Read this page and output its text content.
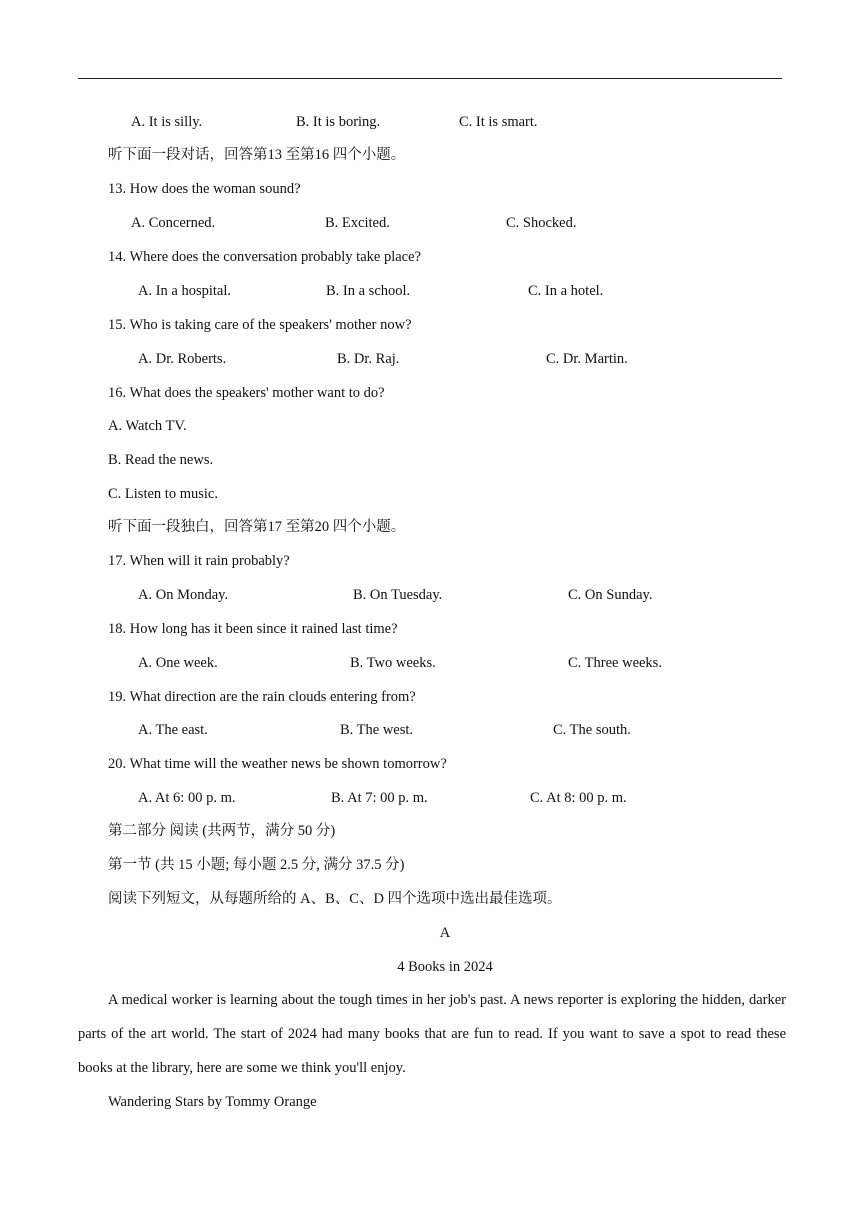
A. It is silly.	B. It is boring.	C. It is smart.
听下面一段对话，回答第13 至第16 四个小题。
13. How does the woman sound?
A. Concerned.	B. Excited.	C. Shocked.
14. Where does the conversation probably take place?
A. In a hospital.	B. In a school.	C. In a hotel.
15. Who is taking care of the speakers' mother now?
A. Dr. Roberts.	B. Dr. Raj.	C. Dr. Martin.
16. What does the speakers' mother want to do?
A. Watch TV.
B. Read the news.
C. Listen to music.
听下面一段独白，回答第17 至第20 四个小题。
17. When will it rain probably?
A. On Monday.	B. On Tuesday.	C. On Sunday.
18. How long has it been since it rained last time?
A. One week.	B. Two weeks.	C. Three weeks.
19. What direction are the rain clouds entering from?
A. The east.	B. The west.	C. The south.
20. What time will the weather news be shown tomorrow?
A. At 6: 00 p. m.	B. At 7: 00 p. m.	C. At 8: 00 p. m.
第二部分 阅读 (共两节，满分 50 分)
第一节 (共 15 小题; 每小题 2.5 分, 满分 37.5 分)
阅读下列短文，从每题所给的 A、B、C、D 四个选项中选出最佳选项。
A
4 Books in 2024
A medical worker is learning about the tough times in her job's past. A news reporter is exploring the hidden, darker parts of the art world. The start of 2024 had many books that are fun to read. If you want to save a spot to read these books at the library, here are some we think you'll enjoy.
Wandering Stars by Tommy Orange
